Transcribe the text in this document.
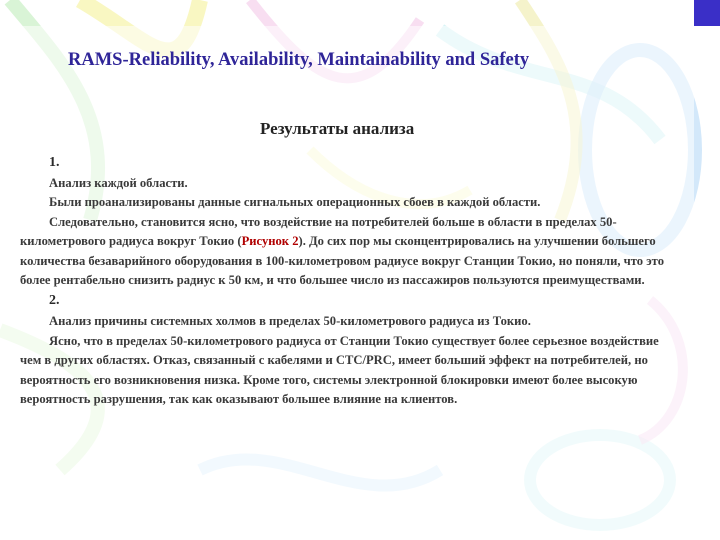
RAMS-Reliability, Availability, Maintainability and Safety
Результаты анализа

1.

Анализ каждой области.

Были проанализированы данные сигнальных операционных сбоев в каждой области.

Следовательно, становится ясно, что воздействие на потребителей больше в области в пределах 50-километрового радиуса вокруг Токио (Рисунок 2). До сих пор мы сконцентрировались на улучшении большего количества безаварийного оборудования в 100-километровом радиусе вокруг Станции Токио, но поняли, что это более рентабельно снизить радиус к 50 км, и что большее число из пассажиров пользуются преимуществами.

2.

Анализ причины системных холмов в пределах 50-километрового радиуса из Токио.

Ясно, что в пределах 50-километрового радиуса от Станции Токио существует более серьезное воздействие чем в других областях. Отказ, связанный с кабелями и CTC/PRC, имеет больший эффект на потребителей, но вероятность его возникновения низка. Кроме того, системы электронной блокировки имеют более высокую вероятность разрушения, так как оказывают большее влияние на клиентов.
